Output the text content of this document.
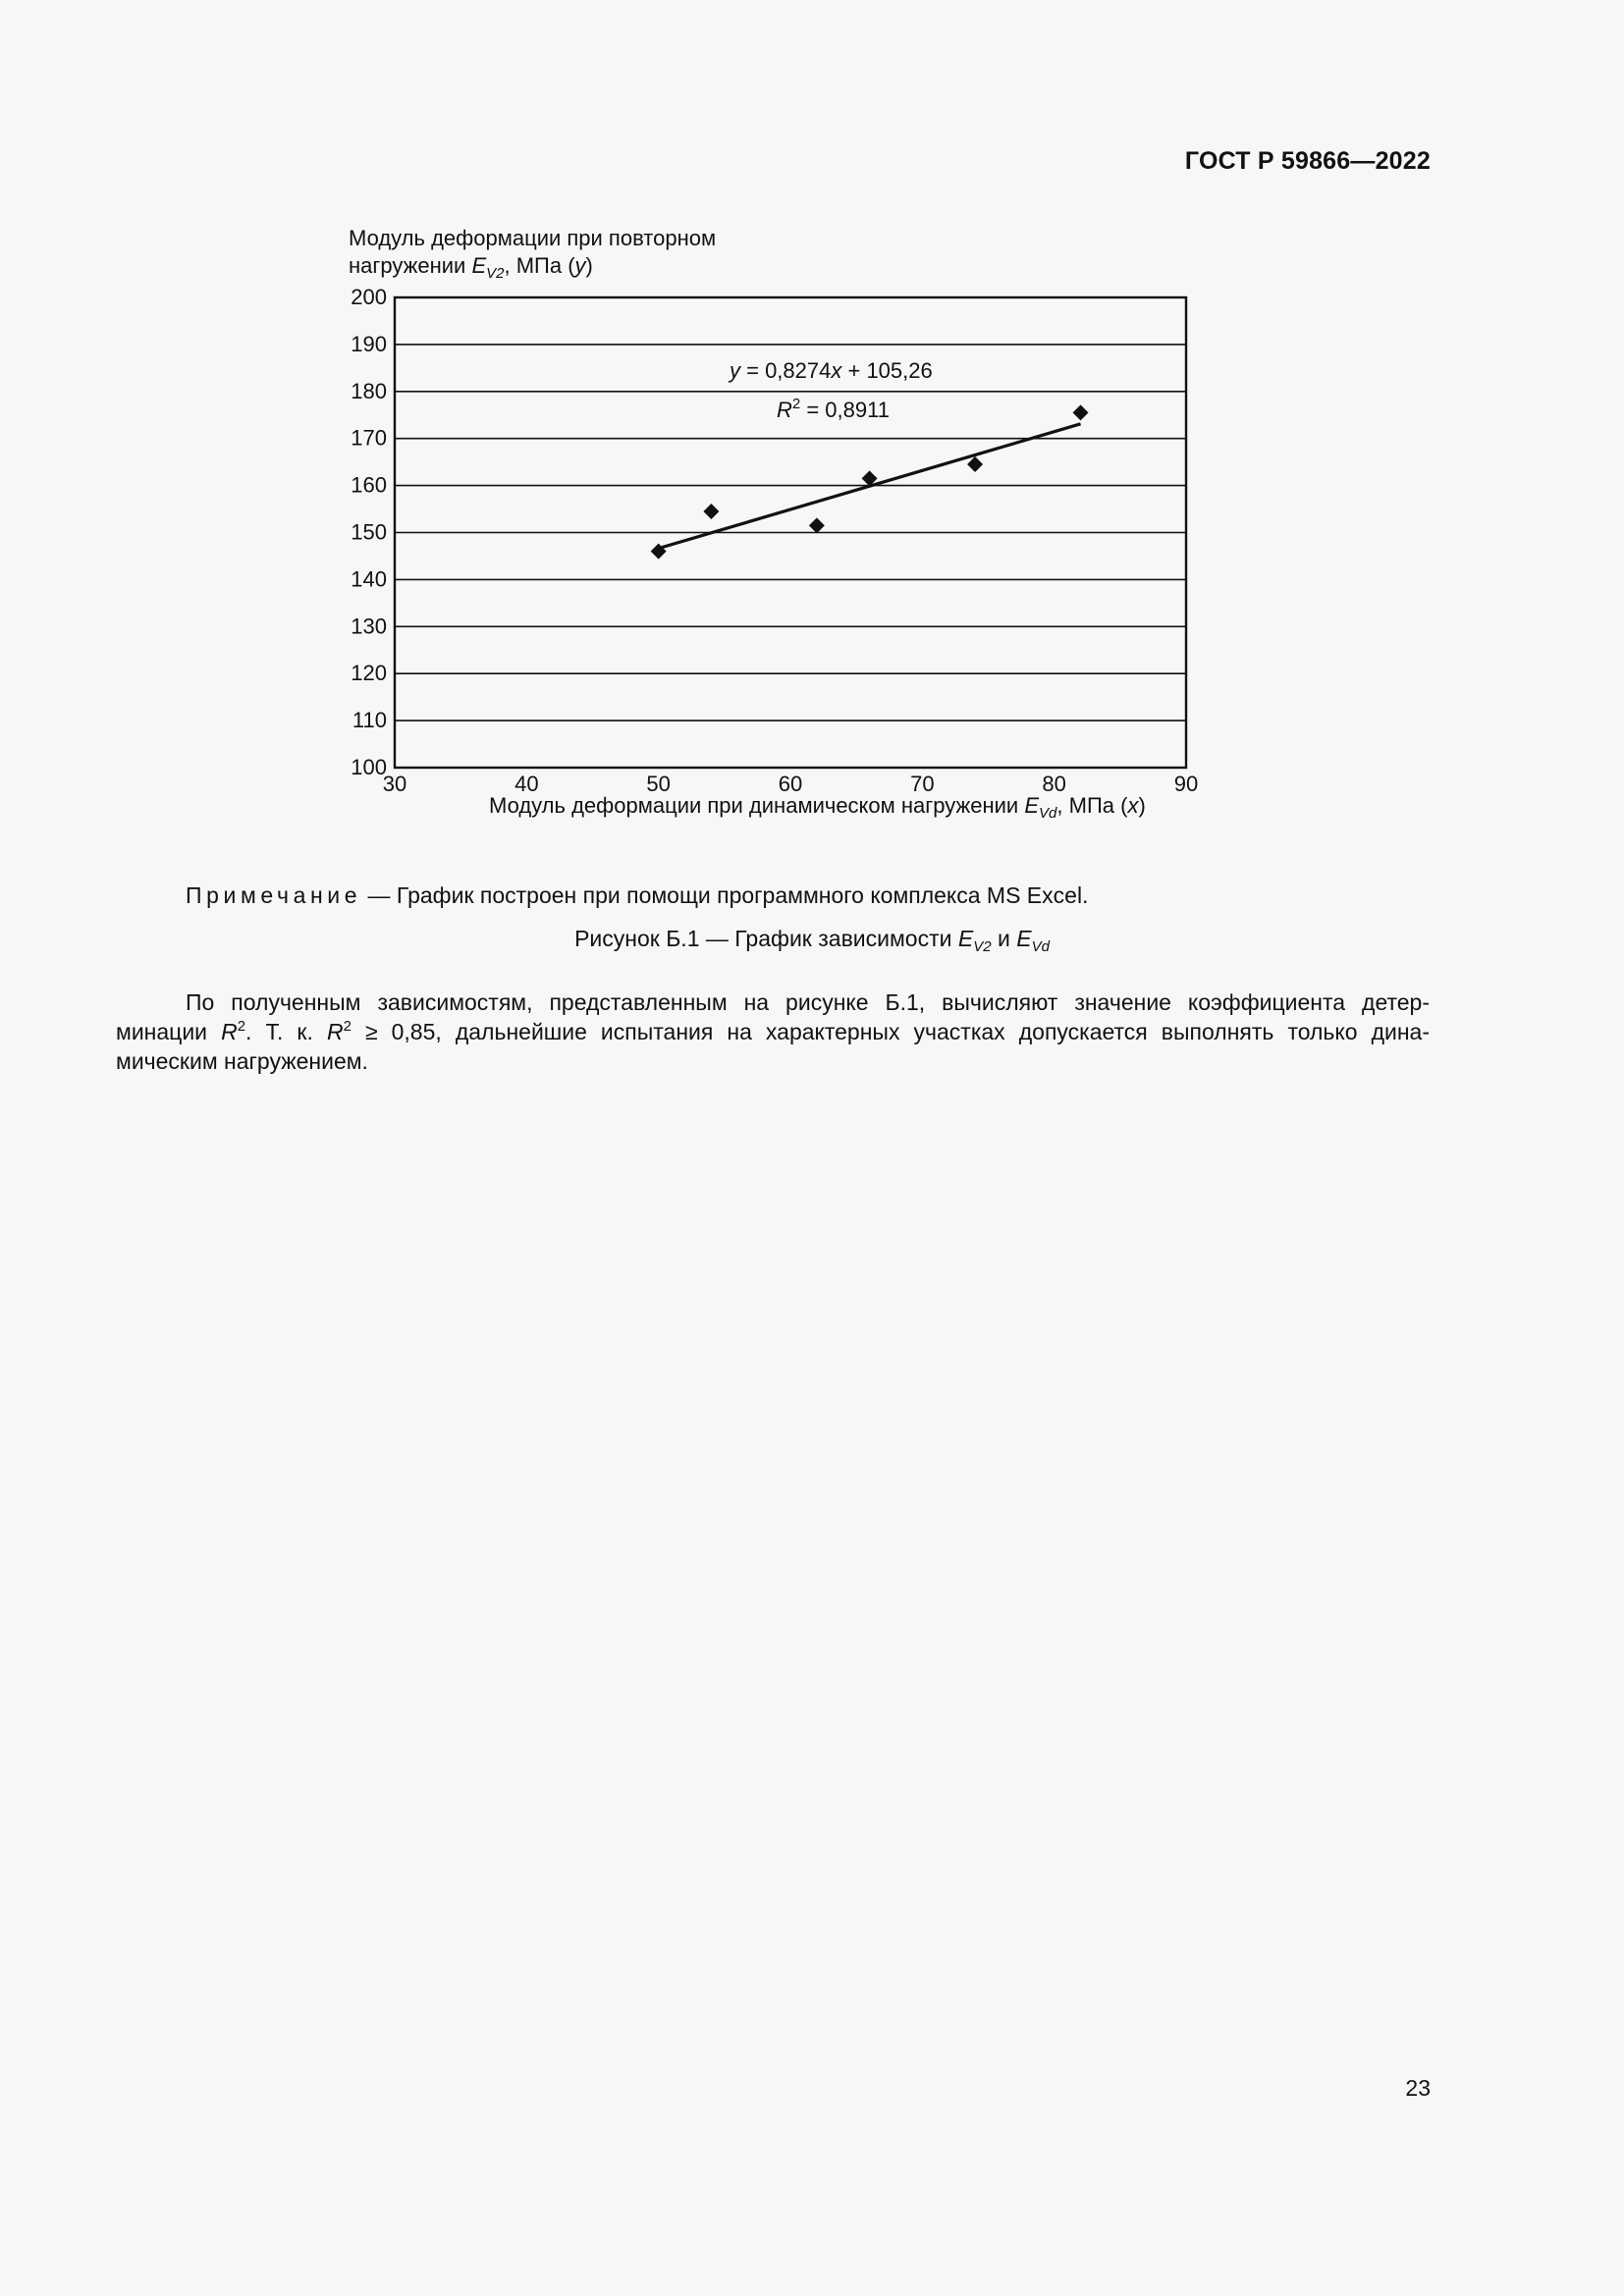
ГОСТ Р 59866—2022
Модуль деформации при повторном
нагружении $E_{V2}$, МПа (y)
100
110
120
130
140
150
160
170
180
190
200
30	40	50	60	70	80	90
y = 0,8274x + 105,26
$R^2 = 0,8911$
Модуль деформации при динамическом нагружении $E_{Vd}$, МПа (x)
Примечание — График построен при помощи программного комплекса MS Excel.
Рисунок Б.1 — График зависимости $E_{V2}$ и $E_{Vd}$
По полученным зависимостям, представленным на рисунке Б.1, вычисляют значение коэффициента детер-
минации $R^2$. Т. к. $R^2 \ge 0,85$, дальнейшие испытания на характерных участках допускается выполнять только дина-
мическим нагружением.
23
